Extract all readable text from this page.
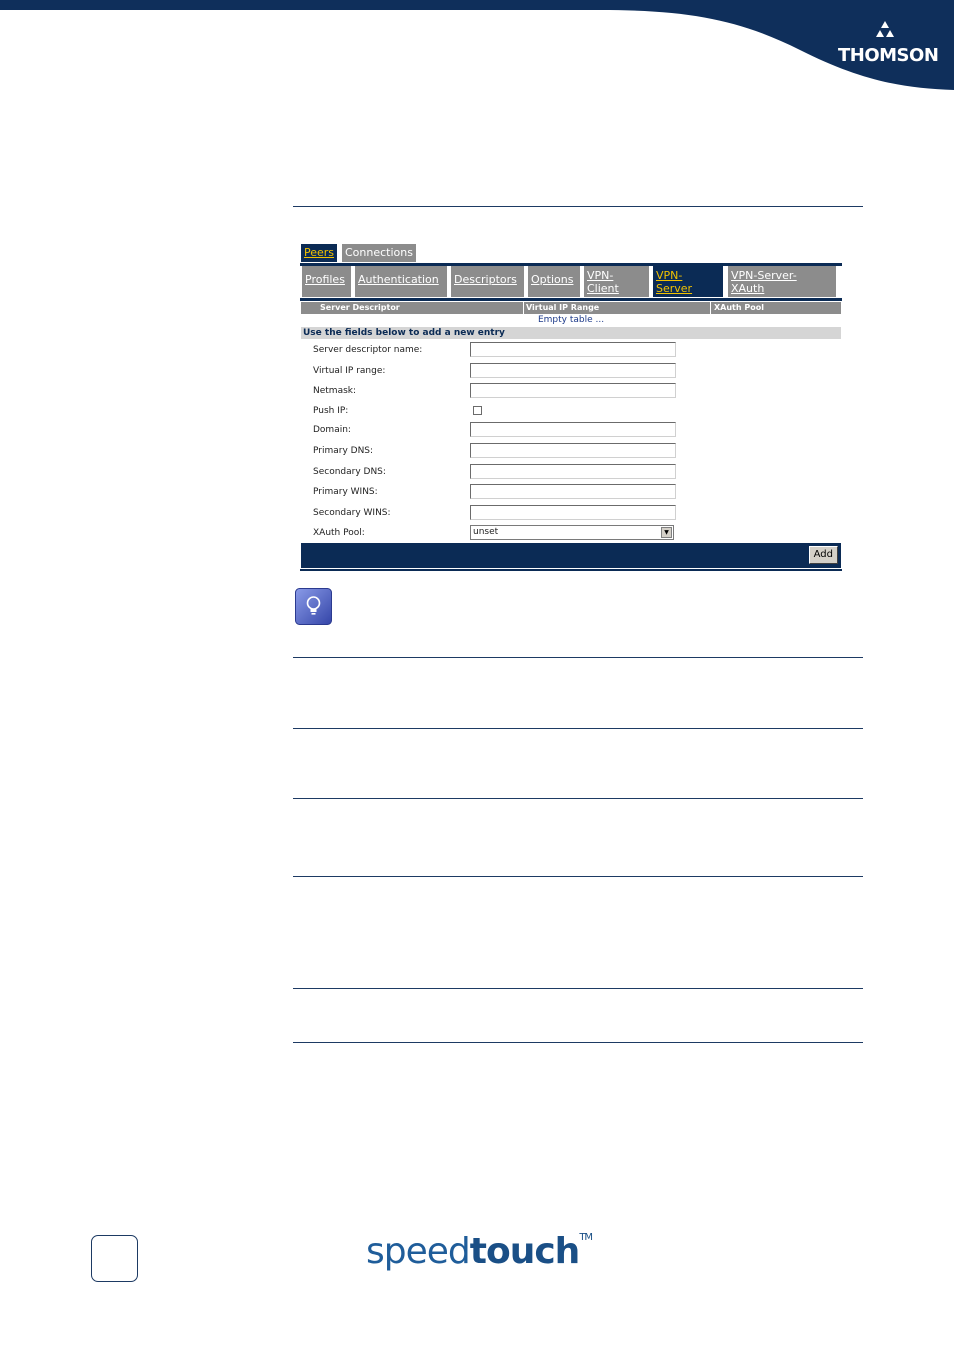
THOMSON
Peers Connections
Profiles	Authentication	Descriptors	Options	VPN-
Client
VPN-
Server
VPN-Server-
XAuth
Server Descriptor	Virtual IP Range	XAuth Pool
Empty table ...
Use the fields below to add a new entry
Server descriptor name:
Virtual IP range:
Netmask:
Push IP:
Domain:
Primary DNS:
Secondary DNS:
Primary WINS:
Secondary WINS:
XAuth Pool:	unset	▼
Add
speedtouch™
